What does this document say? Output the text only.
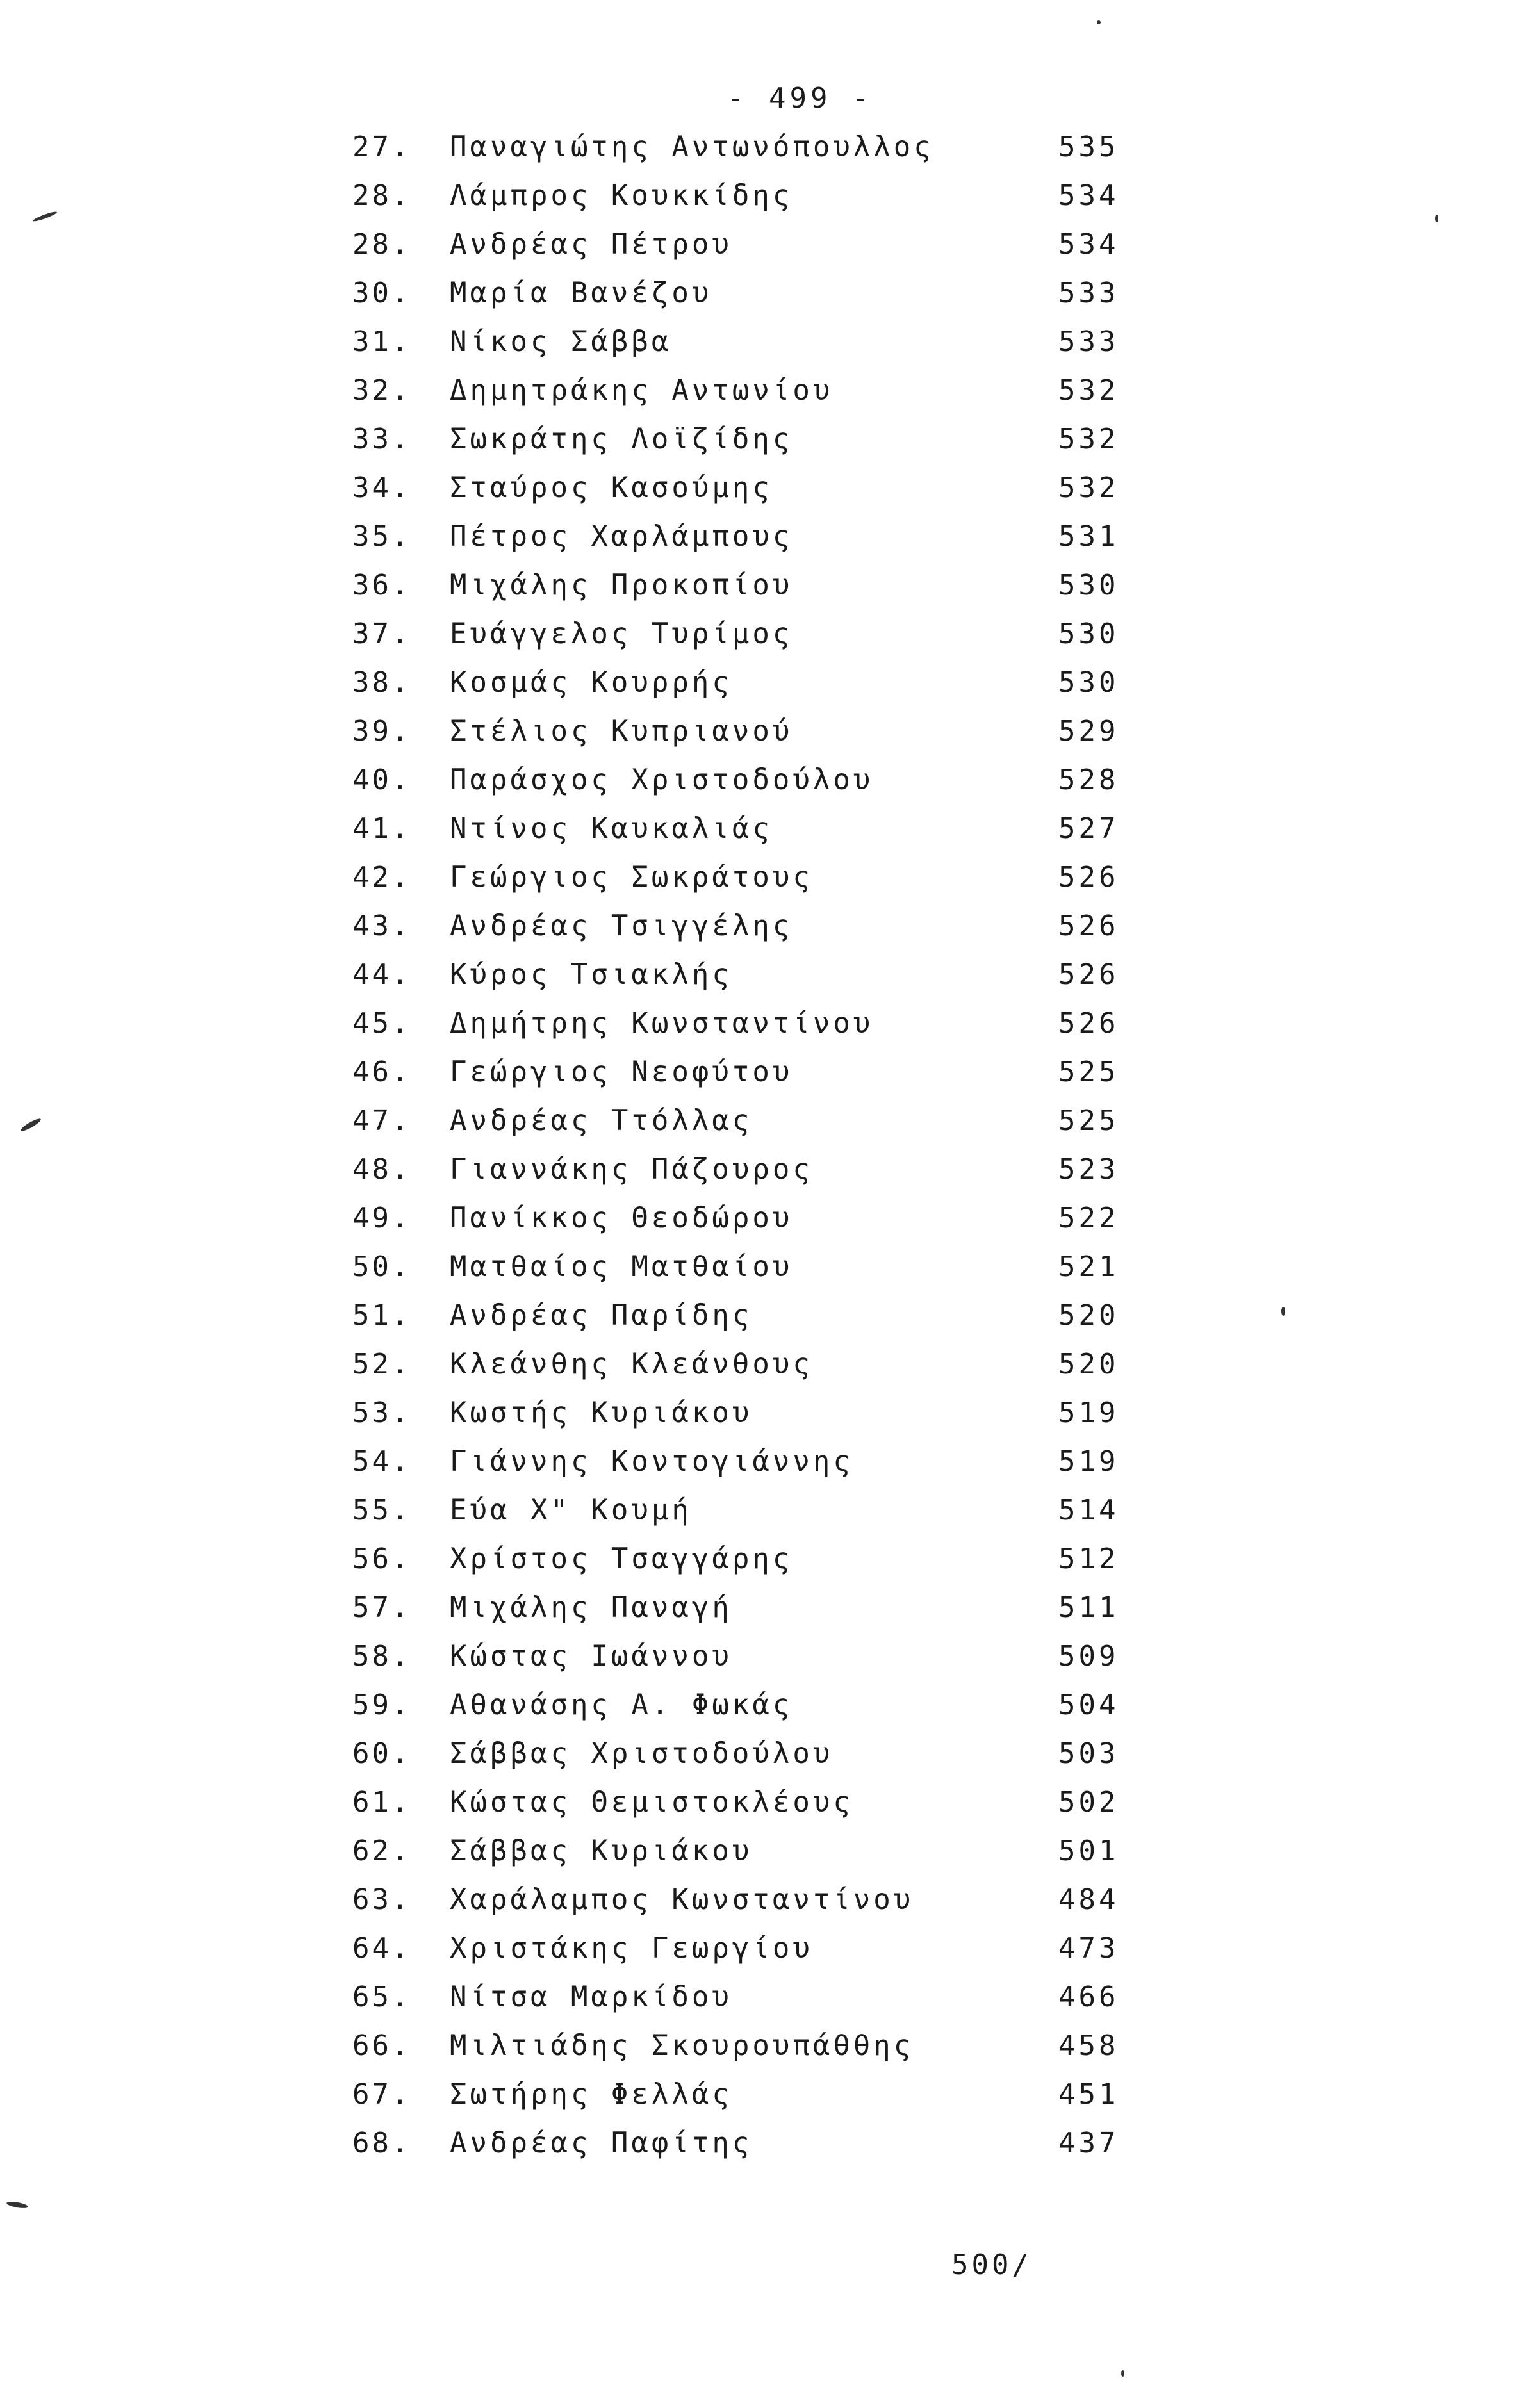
- 499 -
27. Παναγιώτης Αντωνόπουλλος	535
28. Λάμπρος Κουκκίδης	534
28. Ανδρέας Πέτρου	534
30. Μαρία Βανέζου	533
31. Νίκος Σάββα	533
32. Δημητράκης Αντωνίου	532
33. Σωκράτης Λοϊζίδης	532
34. Σταύρος Κασούμης	532
35. Πέτρος Χαρλάμπους	531
36. Μιχάλης Προκοπίου	530
37. Ευάγγελος Τυρίμος	530
38. Κοσμάς Κουρρής	530
39. Στέλιος Κυπριανού	529
40. Παράσχος Χριστοδούλου	528
41. Ντίνος Καυκαλιάς	527
42. Γεώργιος Σωκράτους	526
43. Ανδρέας Τσιγγέλης	526
44. Κύρος Τσιακλής	526
45. Δημήτρης Κωνσταντίνου	526
46. Γεώργιος Νεοφύτου	525
47. Ανδρέας Ττόλλας	525
48. Γιαννάκης Πάζουρος	523
49. Πανίκκος Θεοδώρου	522
50. Ματθαίος Ματθαίου	521
51. Ανδρέας Παρίδης	520
52. Κλεάνθης Κλεάνθους	520
53. Κωστής Κυριάκου	519
54. Γιάννης Κοντογιάννης	519
55. Εύα Χ" Κουμή	514
56. Χρίστος Τσαγγάρης	512
57. Μιχάλης Παναγή	511
58. Κώστας Ιωάννου	509
59. Αθανάσης Α. Φωκάς	504
60. Σάββας Χριστοδούλου	503
61. Κώστας Θεμιστοκλέους	502
62. Σάββας Κυριάκου	501
63. Χαράλαμπος Κωνσταντίνου	484
64. Χριστάκης Γεωργίου	473
65. Νίτσα Μαρκίδου	466
66. Μιλτιάδης Σκουρουπάθθης	458
67. Σωτήρης Φελλάς	451
68. Ανδρέας Παφίτης	437
500/
